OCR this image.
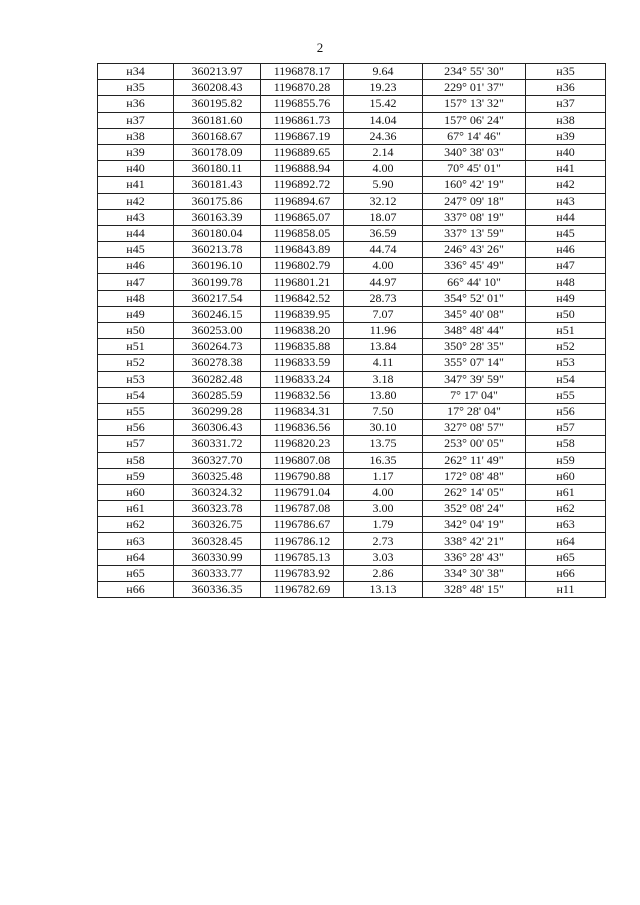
2
н34	360213.97	1196878.17	9.64	234° 55' 30"	н35
н35	360208.43	1196870.28	19.23	229° 01' 37"	н36
н36	360195.82	1196855.76	15.42	157° 13' 32"	н37
н37	360181.60	1196861.73	14.04	157° 06' 24"	н38
н38	360168.67	1196867.19	24.36	67° 14' 46"	н39
н39	360178.09	1196889.65	2.14	340° 38' 03"	н40
н40	360180.11	1196888.94	4.00	70° 45' 01"	н41
н41	360181.43	1196892.72	5.90	160° 42' 19"	н42
н42	360175.86	1196894.67	32.12	247° 09' 18"	н43
н43	360163.39	1196865.07	18.07	337° 08' 19"	н44
н44	360180.04	1196858.05	36.59	337° 13' 59"	н45
н45	360213.78	1196843.89	44.74	246° 43' 26"	н46
н46	360196.10	1196802.79	4.00	336° 45' 49"	н47
н47	360199.78	1196801.21	44.97	66° 44' 10"	н48
н48	360217.54	1196842.52	28.73	354° 52' 01"	н49
н49	360246.15	1196839.95	7.07	345° 40' 08"	н50
н50	360253.00	1196838.20	11.96	348° 48' 44"	н51
н51	360264.73	1196835.88	13.84	350° 28' 35"	н52
н52	360278.38	1196833.59	4.11	355° 07' 14"	н53
н53	360282.48	1196833.24	3.18	347° 39' 59"	н54
н54	360285.59	1196832.56	13.80	7° 17' 04"	н55
н55	360299.28	1196834.31	7.50	17° 28' 04"	н56
н56	360306.43	1196836.56	30.10	327° 08' 57"	н57
н57	360331.72	1196820.23	13.75	253° 00' 05"	н58
н58	360327.70	1196807.08	16.35	262° 11' 49"	н59
н59	360325.48	1196790.88	1.17	172° 08' 48"	н60
н60	360324.32	1196791.04	4.00	262° 14' 05"	н61
н61	360323.78	1196787.08	3.00	352° 08' 24"	н62
н62	360326.75	1196786.67	1.79	342° 04' 19"	н63
н63	360328.45	1196786.12	2.73	338° 42' 21"	н64
н64	360330.99	1196785.13	3.03	336° 28' 43"	н65
н65	360333.77	1196783.92	2.86	334° 30' 38"	н66
н66	360336.35	1196782.69	13.13	328° 48' 15"	н11
